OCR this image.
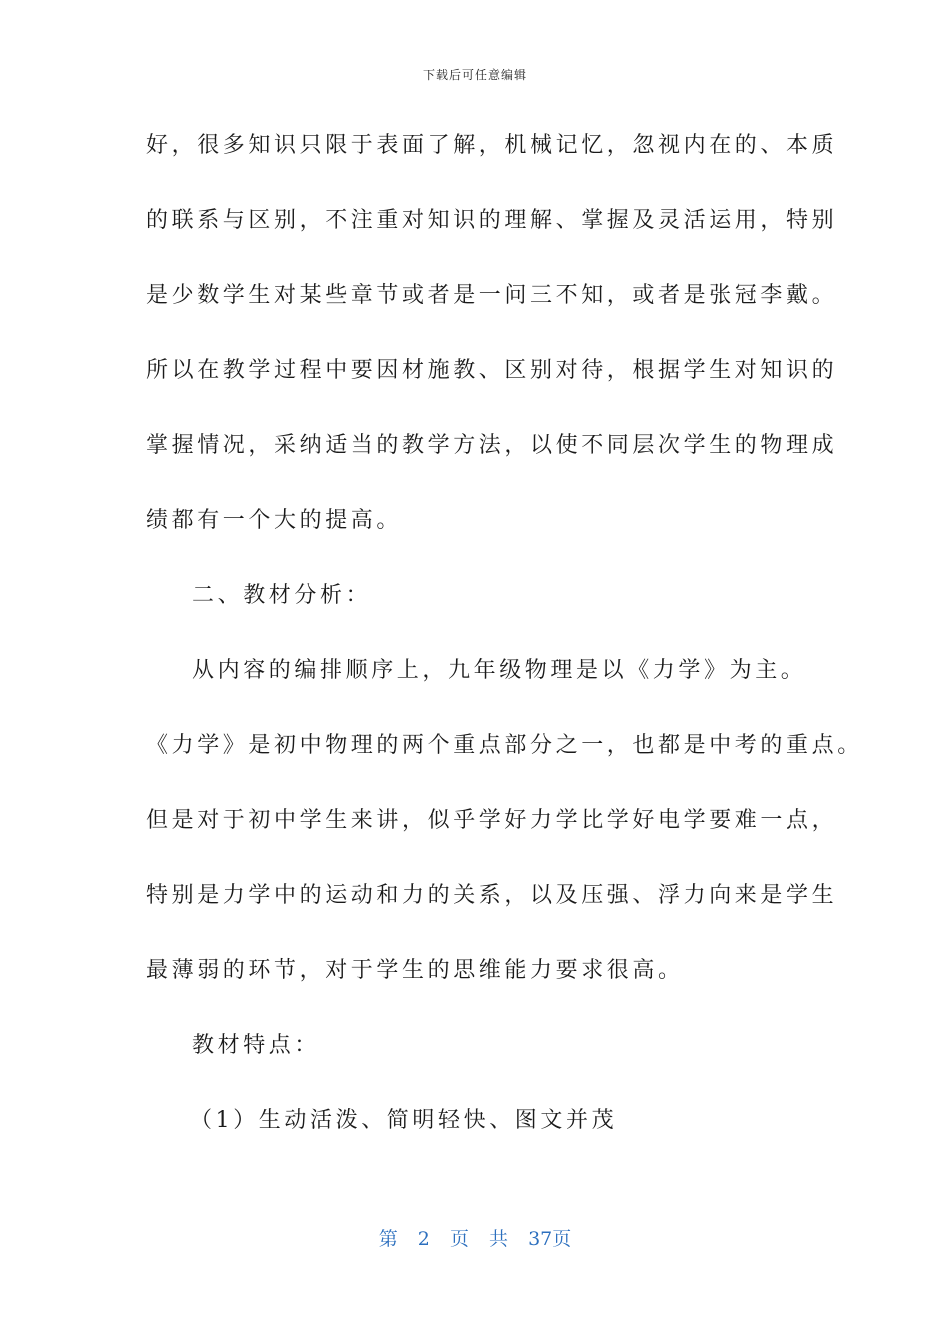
下载后可任意编辑
好，很多知识只限于表面了解，机械记忆，忽视内在的、本质
的联系与区别，不注重对知识的理解、掌握及灵活运用，特别
是少数学生对某些章节或者是一问三不知，或者是张冠李戴。
所以在教学过程中要因材施教、区别对待，根据学生对知识的
掌握情况，采纳适当的教学方法，以使不同层次学生的物理成
绩都有一个大的提高。
二、教材分析：
从内容的编排顺序上，九年级物理是以《力学》为主。
《力学》是初中物理的两个重点部分之一，也都是中考的重点。
但是对于初中学生来讲，似乎学好力学比学好电学要难一点，
特别是力学中的运动和力的关系，以及压强、浮力向来是学生
最薄弱的环节，对于学生的思维能力要求很高。
教材特点：
（1）生动活泼、简明轻快、图文并茂
第 2 页 共 37页
